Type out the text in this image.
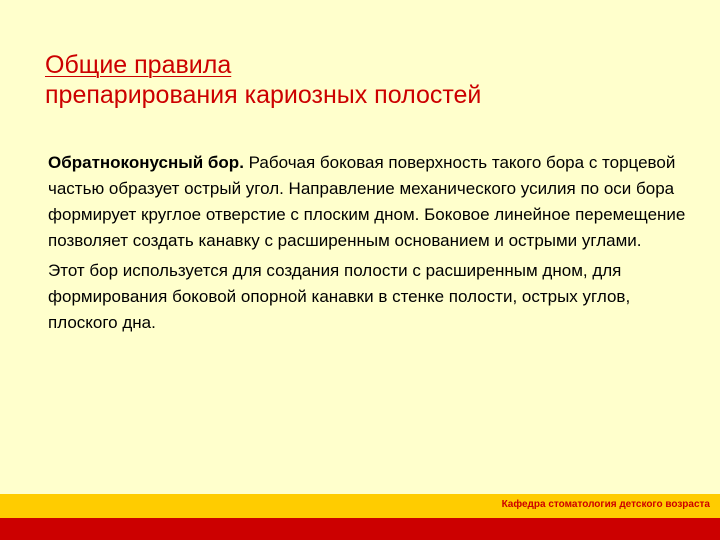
Общие правила
препарирования кариозных полостей

Обратноконусный бор. Рабочая боковая поверхность такого бора с торцевой частью образует острый угол. Направление механического усилия по оси бора формирует круглое отверстие с плоским дном. Боковое линейное перемещение позволяет создать канавку с расширенным основанием и острыми углами.

Этот бор используется для создания полости с расширенным дном, для формирования боковой опорной канавки в стенке полости, острых углов, плоского дна.

Кафедра стоматология детского возраста
